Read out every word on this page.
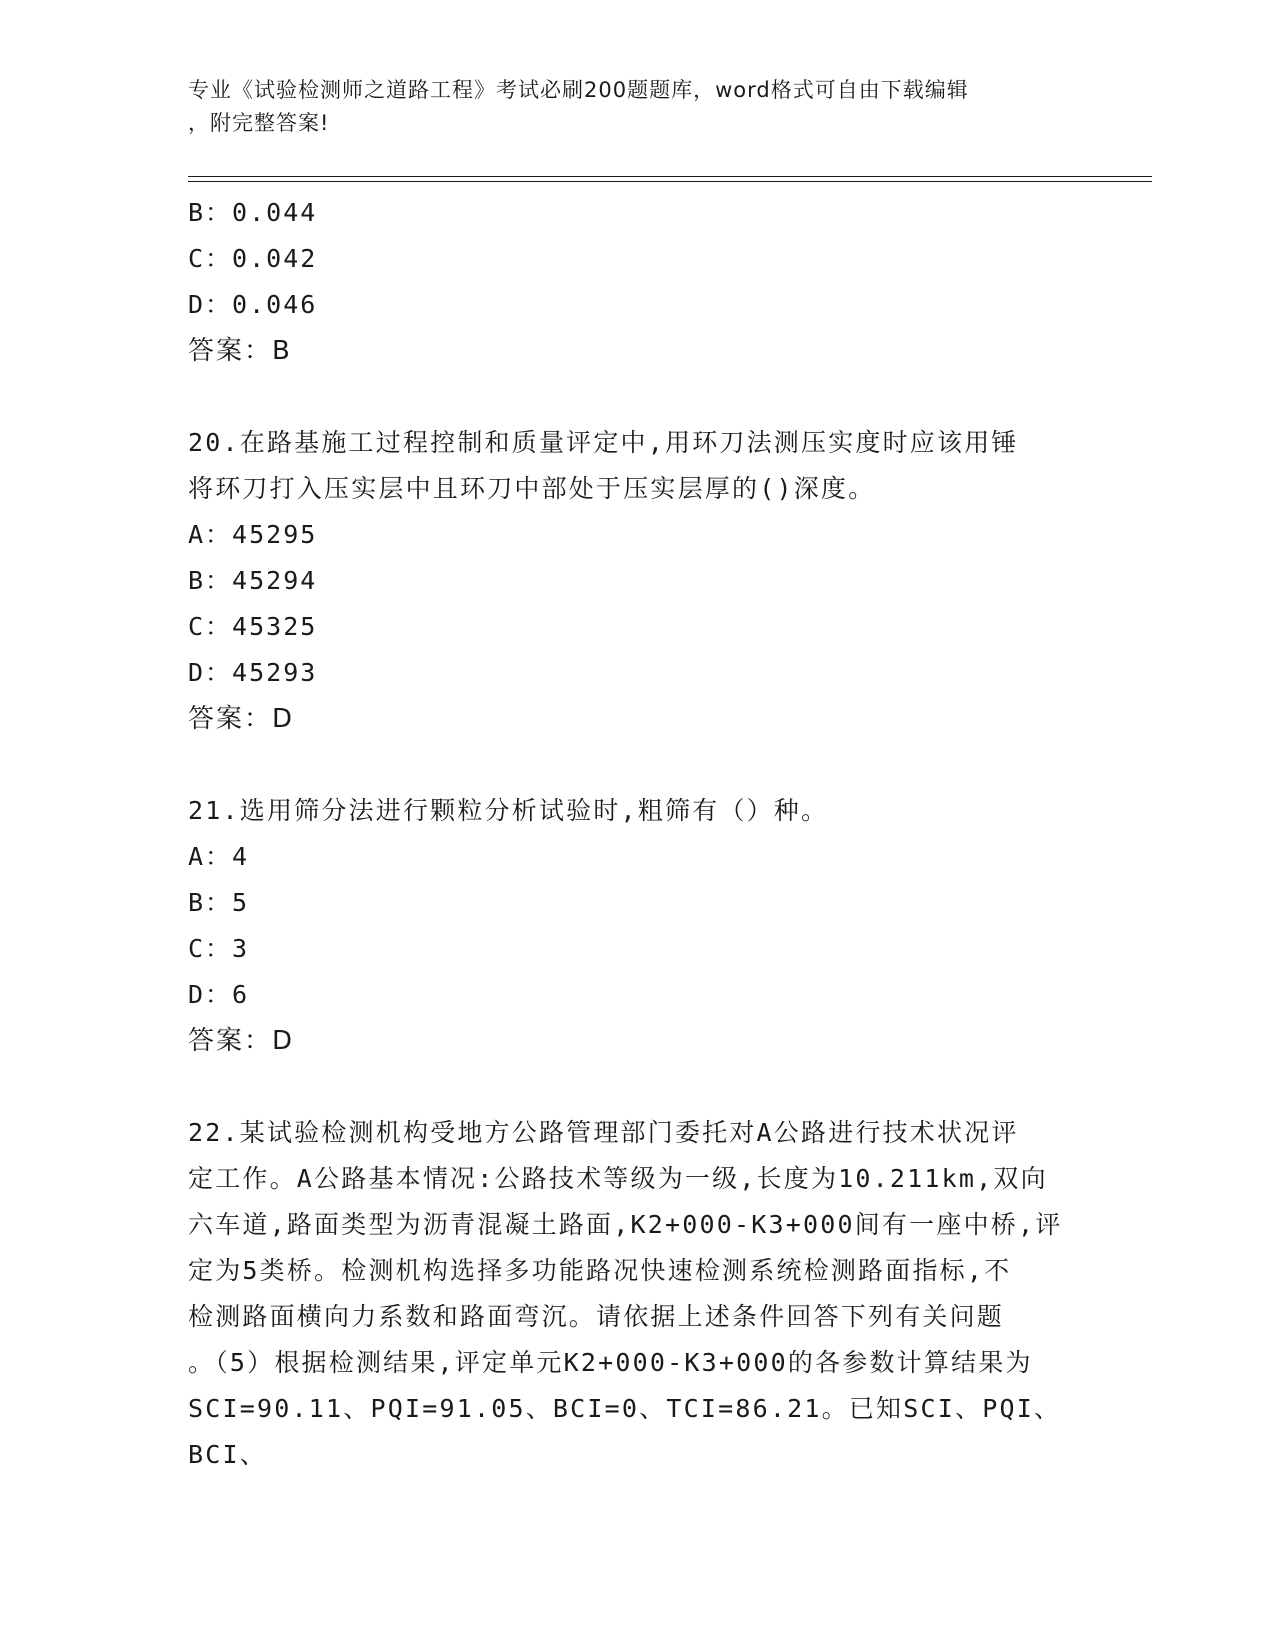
专业《试验检测师之道路工程》考试必刷200题题库，word格式可自由下载编辑
，附完整答案!
B：0.044
C：0.042
D：0.046
答案：B
20.在路基施工过程控制和质量评定中,用环刀法测压实度时应该用锤
将环刀打入压实层中且环刀中部处于压实层厚的()深度。
A：45295
B：45294
C：45325
D：45293
答案：D
21.选用筛分法进行颗粒分析试验时,粗筛有（）种。
A：4
B：5
C：3
D：6
答案：D
22.某试验检测机构受地方公路管理部门委托对A公路进行技术状况评
定工作。A公路基本情况:公路技术等级为一级,长度为10.211km,双向
六车道,路面类型为沥青混凝土路面,K2+000-K3+000间有一座中桥,评
定为5类桥。检测机构选择多功能路况快速检测系统检测路面指标,不
检测路面横向力系数和路面弯沉。请依据上述条件回答下列有关问题
。（5）根据检测结果,评定单元K2+000-K3+000的各参数计算结果为
SCI=90.11、PQI=91.05、BCI=0、TCI=86.21。已知SCI、PQI、BCI、
